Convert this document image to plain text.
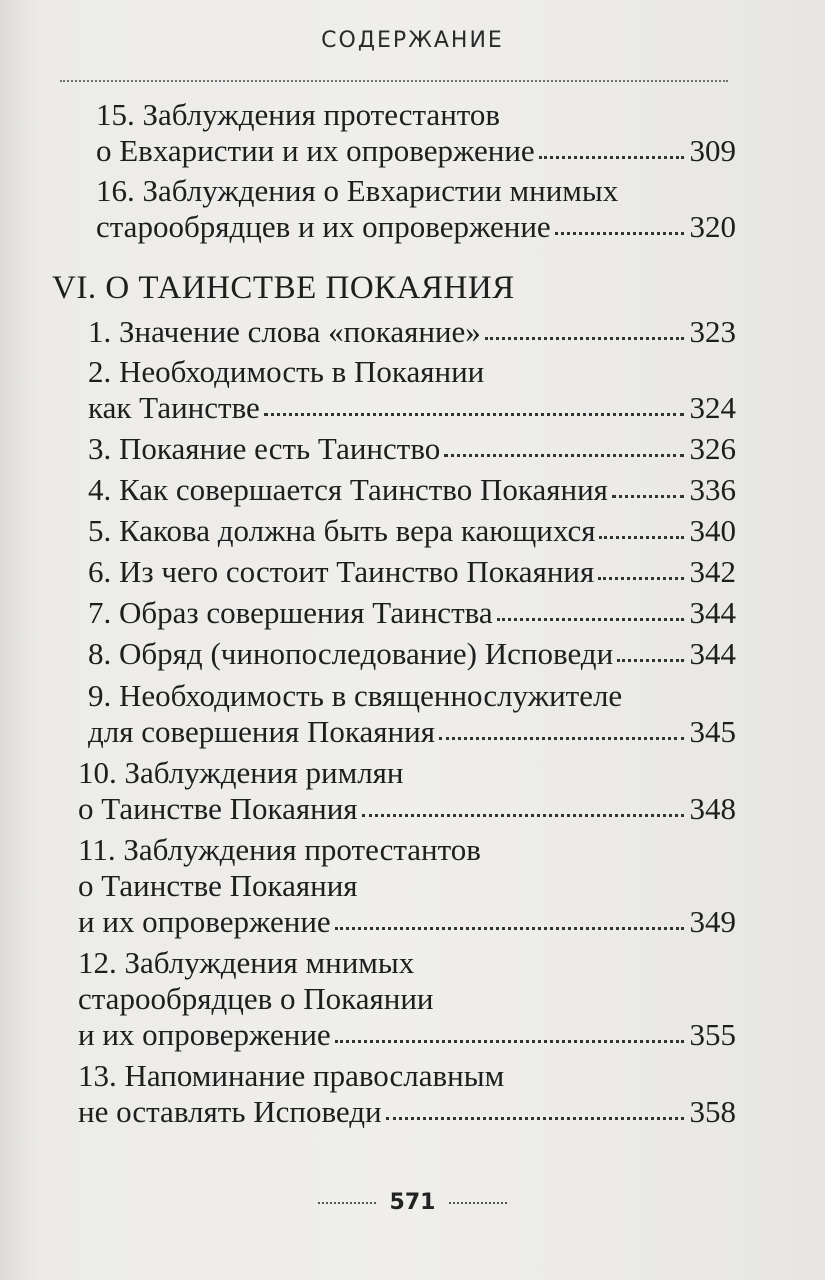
СОДЕРЖАНИЕ
15. Заблуждения протестантов
о Евхаристии и их опровержение	309
16. Заблуждения о Евхаристии мнимых
старообрядцев и их опровержение	320
VI. О ТАИНСТВЕ ПОКАЯНИЯ
1. Значение слова «покаяние»	323
2. Необходимость в Покаянии
как Таинстве	324
3. Покаяние есть Таинство	326
4. Как совершается Таинство Покаяния	336
5. Какова должна быть вера кающихся	340
6. Из чего состоит Таинство Покаяния	342
7. Образ совершения Таинства	344
8. Обряд (чинопоследование) Исповеди 344
9. Необходимость в священнослужителе
для совершения Покаяния	345
10. Заблуждения римлян
о Таинстве Покаяния	348
11. Заблуждения протестантов
о Таинстве Покаяния
и их опровержение	349
12. Заблуждения мнимых
старообрядцев о Покаянии
и их опровержение	355
13. Напоминание православным
не оставлять Исповеди	358
571
